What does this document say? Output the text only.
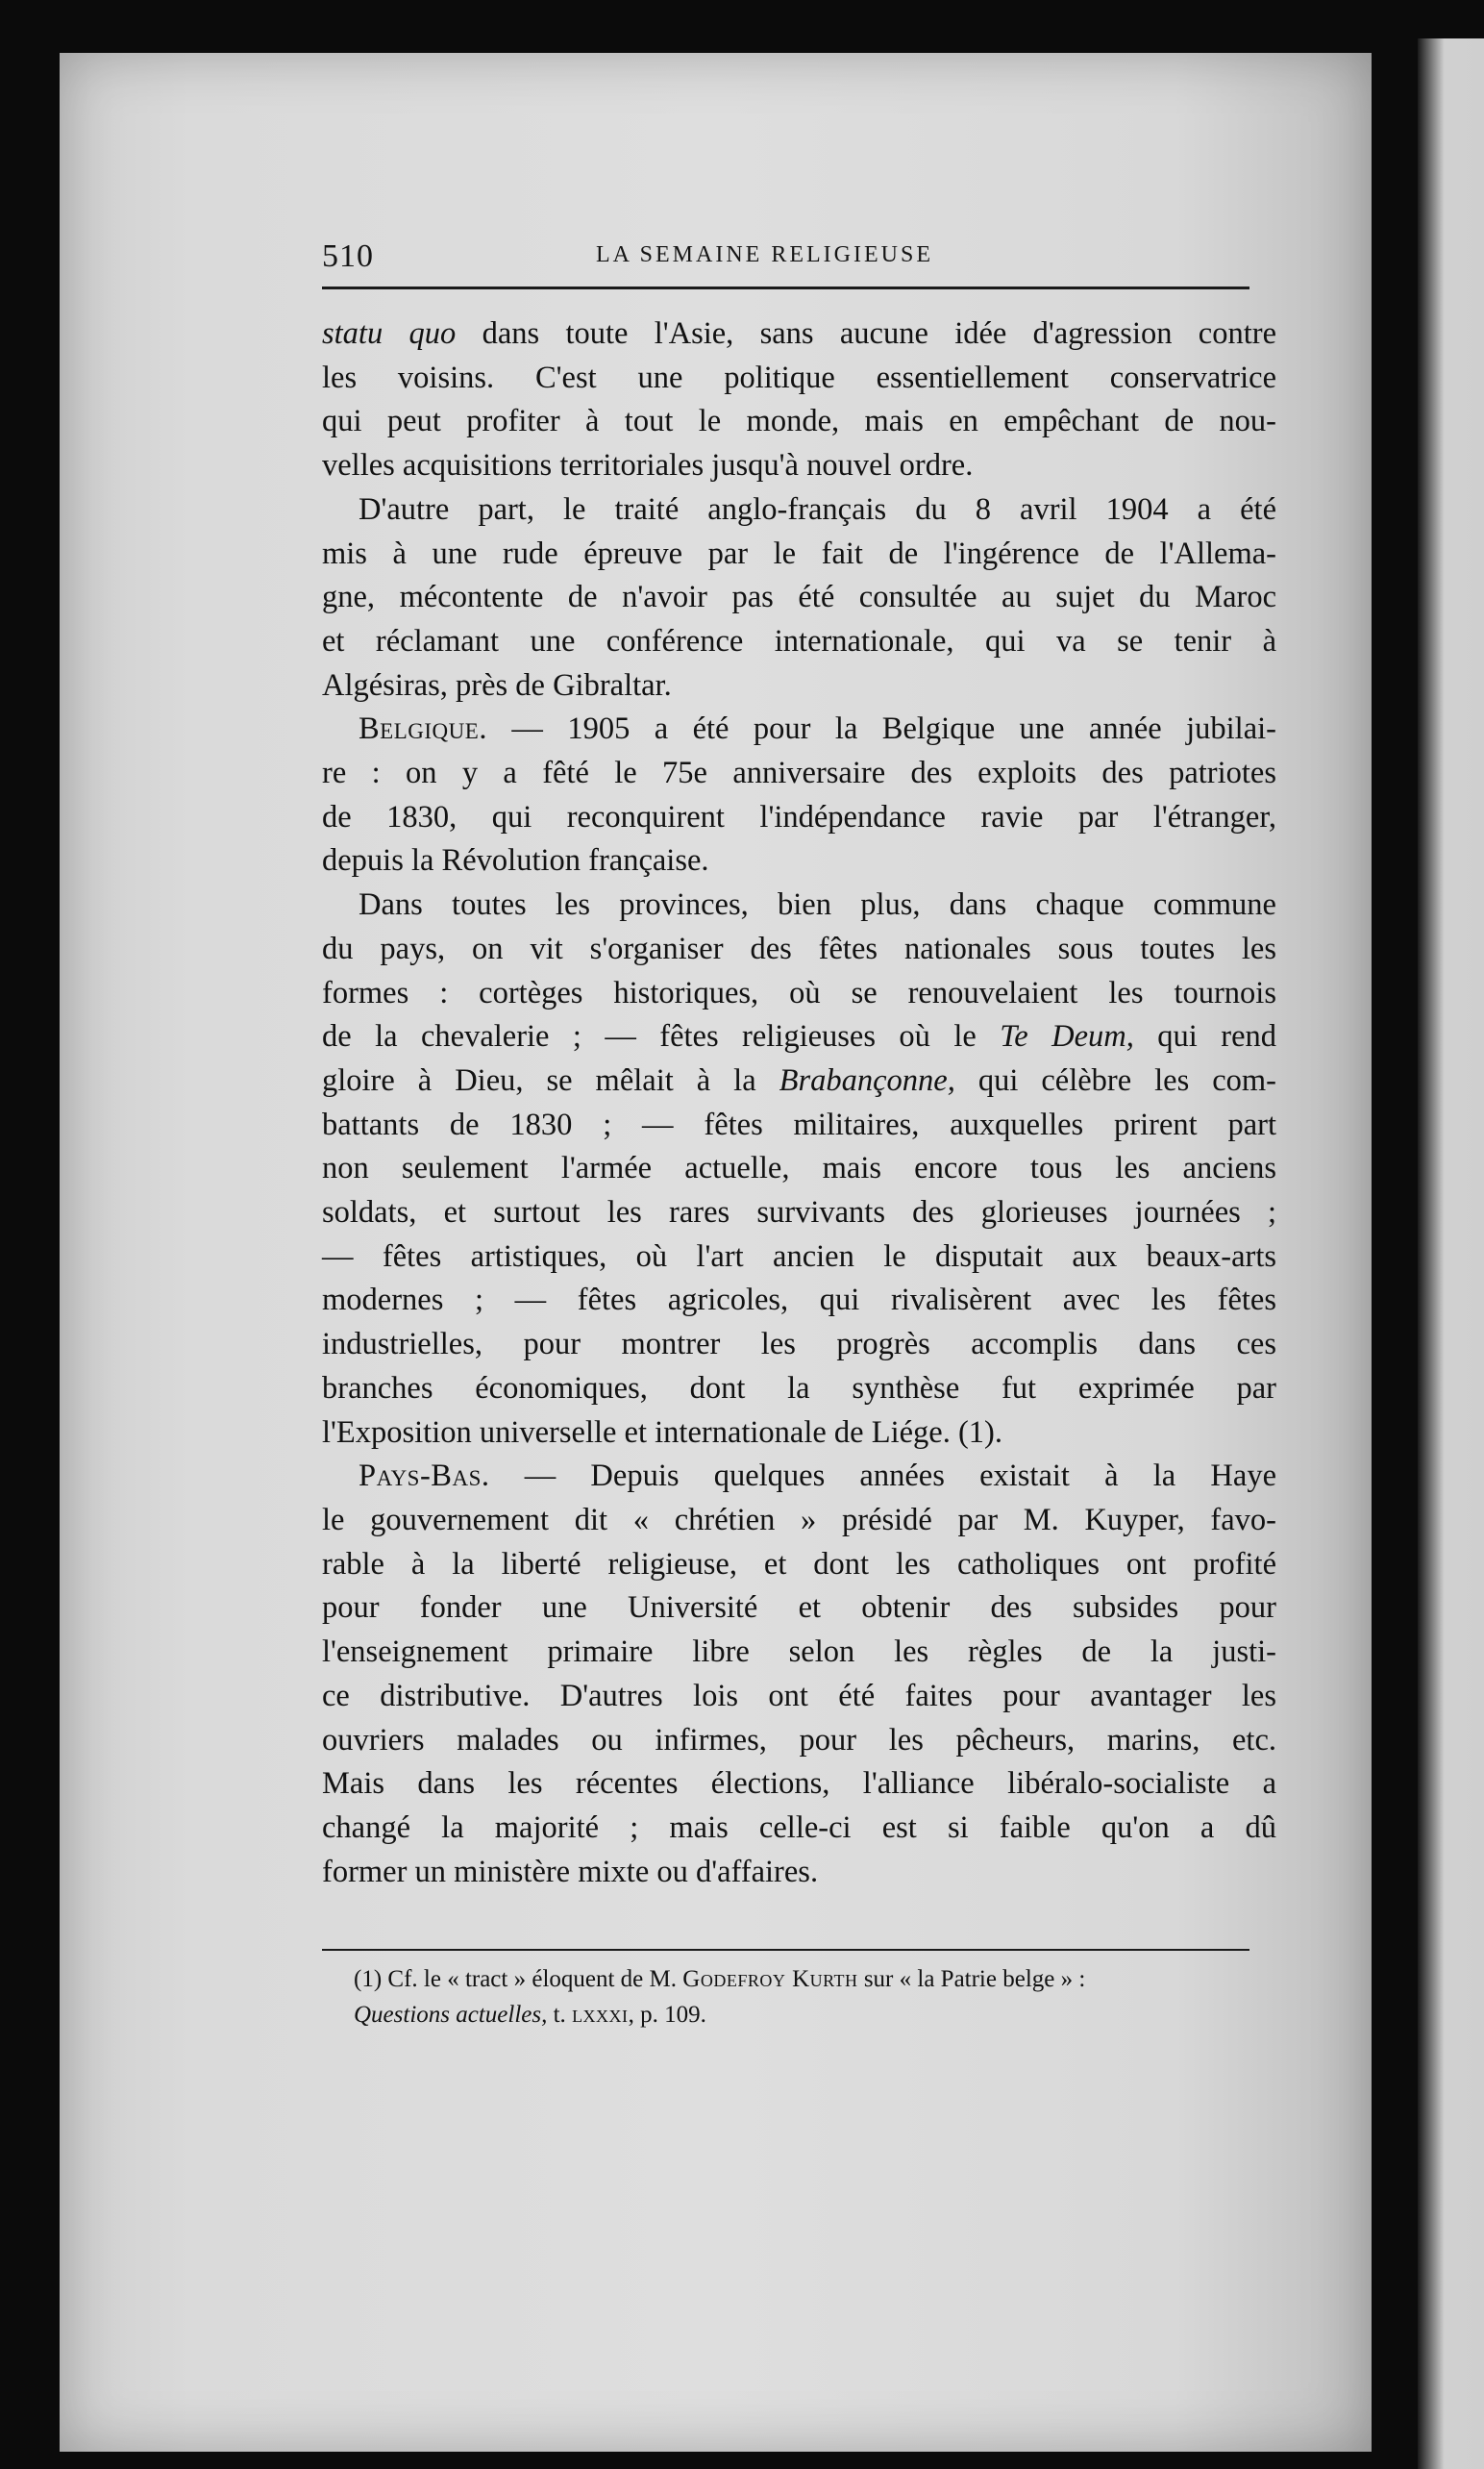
510	LA SEMAINE RELIGIEUSE

statu quo dans toute l'Asie, sans aucune idée d'agression contre
les voisins. C'est une politique essentiellement conservatrice
qui peut profiter à tout le monde, mais en empêchant de nou-
velles acquisitions territoriales jusqu'à nouvel ordre.

D'autre part, le traité anglo-français du 8 avril 1904 a été
mis à une rude épreuve par le fait de l'ingérence de l'Allema-
gne, mécontente de n'avoir pas été consultée au sujet du Maroc
et réclamant une conférence internationale, qui va se tenir à
Algésiras, près de Gibraltar.

Belgique. — 1905 a été pour la Belgique une année jubilai-
re : on y a fêté le 75e anniversaire des exploits des patriotes
de 1830, qui reconquirent l'indépendance ravie par l'étranger,
depuis la Révolution française.

Dans toutes les provinces, bien plus, dans chaque commune
du pays, on vit s'organiser des fêtes nationales sous toutes les
formes : cortèges historiques, où se renouvelaient les tournois
de la chevalerie ; — fêtes religieuses où le Te Deum, qui rend
gloire à Dieu, se mêlait à la Brabançonne, qui célèbre les com-
battants de 1830 ; — fêtes militaires, auxquelles prirent part
non seulement l'armée actuelle, mais encore tous les anciens
soldats, et surtout les rares survivants des glorieuses journées ;
— fêtes artistiques, où l'art ancien le disputait aux beaux-arts
modernes ; — fêtes agricoles, qui rivalisèrent avec les fêtes
industrielles, pour montrer les progrès accomplis dans ces
branches économiques, dont la synthèse fut exprimée par
l'Exposition universelle et internationale de Liége. (1).

Pays-Bas. — Depuis quelques années existait à la Haye
le gouvernement dit « chrétien » présidé par M. Kuyper, favo-
rable à la liberté religieuse, et dont les catholiques ont profité
pour fonder une Université et obtenir des subsides pour
l'enseignement primaire libre selon les règles de la justi-
ce distributive. D'autres lois ont été faites pour avantager les
ouvriers malades ou infirmes, pour les pêcheurs, marins, etc.
Mais dans les récentes élections, l'alliance libéralo-socialiste a
changé la majorité ; mais celle-ci est si faible qu'on a dû
former un ministère mixte ou d'affaires.

(1) Cf. le « tract » éloquent de M. Godefroy Kurth sur « la Patrie belge » :
Questions actuelles, t. lxxxi, p. 109.
